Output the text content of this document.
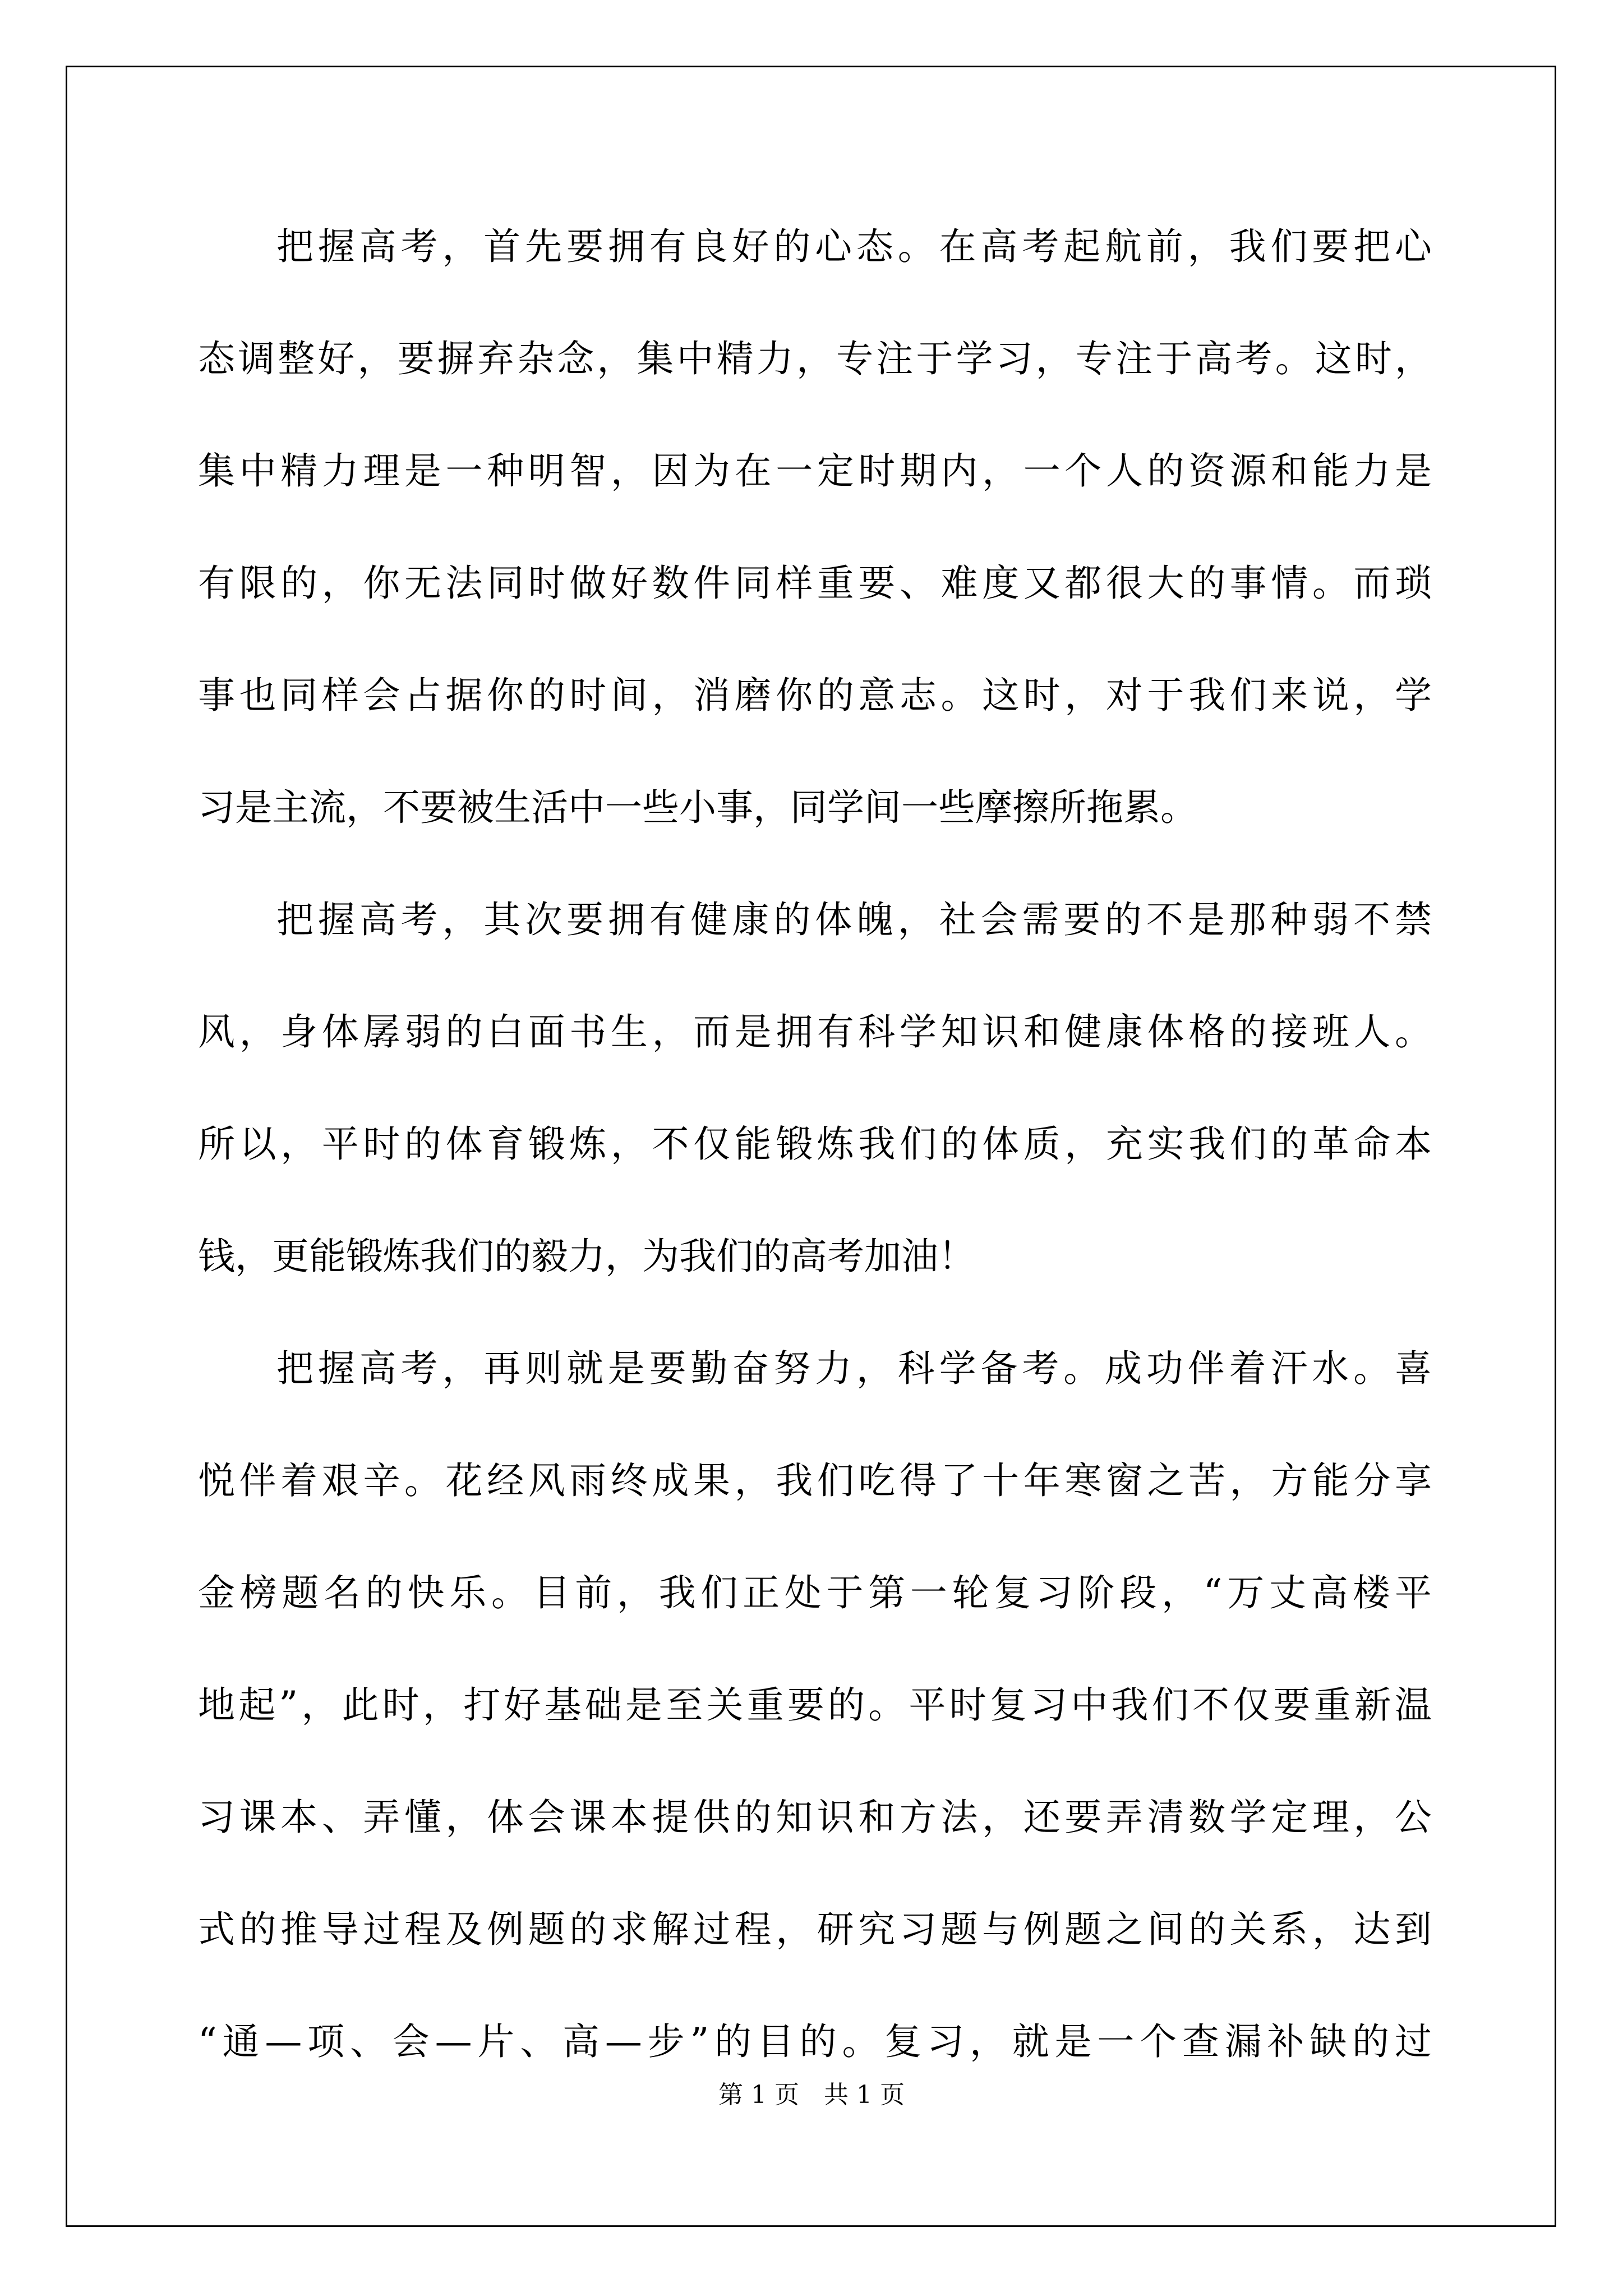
把握高考，首先要拥有良好的心态。在高考起航前，我们要把心
态调整好，要摒弃杂念，集中精力，专注于学习，专注于高考。这时，
集中精力理是一种明智，因为在一定时期内，一个人的资源和能力是
有限的，你无法同时做好数件同样重要、难度又都很大的事情。而琐
事也同样会占据你的时间，消磨你的意志。这时，对于我们来说，学
习是主流，不要被生活中一些小事，同学间一些摩擦所拖累。
把握高考，其次要拥有健康的体魄，社会需要的不是那种弱不禁
风，身体孱弱的白面书生，而是拥有科学知识和健康体格的接班人。
所以，平时的体育锻炼，不仅能锻炼我们的体质，充实我们的革命本
钱，更能锻炼我们的毅力，为我们的高考加油！
把握高考，再则就是要勤奋努力，科学备考。成功伴着汗水。喜
悦伴着艰辛。花经风雨终成果，我们吃得了十年寒窗之苦，方能分享
金榜题名的快乐。目前，我们正处于第一轮复习阶段，“万丈高楼平
地起”，此时，打好基础是至关重要的。平时复习中我们不仅要重新温
习课本、弄懂，体会课本提供的知识和方法，还要弄清数学定理，公
式的推导过程及例题的求解过程，研究习题与例题之间的关系，达到
“通—项、会—片、高—步”的目的。复习，就是一个查漏补缺的过
第 1 页　共 1 页
